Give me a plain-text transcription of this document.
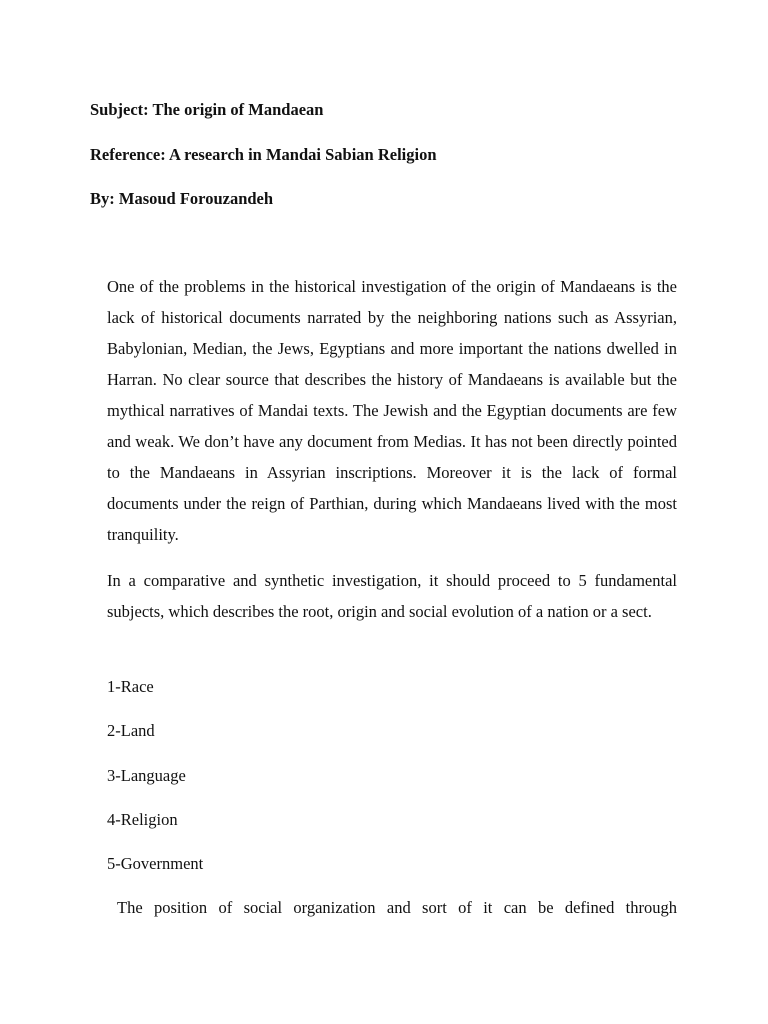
Subject: The origin of Mandaean
Reference: A research in Mandai Sabian Religion
By: Masoud Forouzandeh

One of the problems in the historical investigation of the origin of Mandaeans is the lack of historical documents narrated by the neighboring nations such as Assyrian, Babylonian, Median, the Jews, Egyptians and more important the nations dwelled in Harran. No clear source that describes the history of Mandaeans is available but the mythical narratives of Mandai texts. The Jewish and the Egyptian documents are few and weak. We don’t have any document from Medias. It has not been directly pointed to the Mandaeans in Assyrian inscriptions. Moreover it is the lack of formal documents under the reign of Parthian, during which Mandaeans lived with the most tranquility.

In a comparative and synthetic investigation, it should proceed to 5 fundamental subjects, which describes the root, origin and social evolution of a nation or a sect.

1-Race
2-Land
3-Language
4-Religion
5-Government

The position of social organization and sort of it can be defined through
